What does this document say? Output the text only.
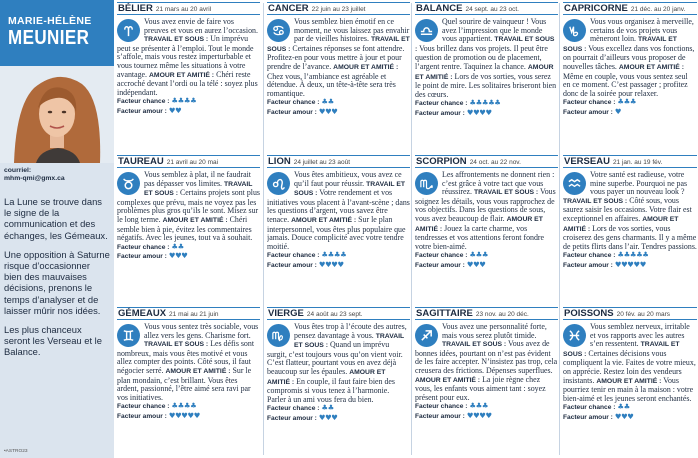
MARIE-HÉLÈNE
MEUNIER
courriel:
mhm-qmi@gmx.ca

La Lune se trouve dans le signe de la communication et des échanges, les Gémeaux.

Une opposition à Saturne risque d’occasionner bien des mauvaises décisions, prenons le temps d’analyser et de laisser mûrir nos idées.

Les plus chanceux seront les Verseau et le Balance.

•ASTRO23
BÉLIER 21 mars au 20 avril
Vous avez envie de faire vos preuves et vous en aurez l’occasion. TRAVAIL ET SOUS : Un imprévu peut se présenter à l’emploi. Tout le monde s’affole, mais vous restez imperturbable et vous tournez même les situations à votre avantage. AMOUR ET AMITIÉ : Chéri reste accroché devant l’ordi ou la télé : soyez plus indépendant.
Facteur chance : ♣♣♣♣
Facteur amour : ♥♥
CANCER 22 juin au 23 juillet
Vous semblez bien émotif en ce moment, ne vous laissez pas envahir par de vieilles histoires. TRAVAIL ET SOUS : Certaines réponses se font attendre. Profitez-en pour vous mettre à jour et pour prendre de l’avance. AMOUR ET AMITIÉ : Chez vous, l’ambiance est agréable et détendue. À deux, un tête-à-tête sera très romantique.
Facteur chance : ♣♣
Facteur amour : ♥♥♥
BALANCE 24 sept. au 23 oct.
Quel sourire de vainqueur ! Vous avez l’impression que le monde vous appartient. TRAVAIL ET SOUS : Vous brillez dans vos projets. Il peut être question de promotion ou de placement, l’argent rentre. Taquinez la chance. AMOUR ET AMITIÉ : Lors de vos sorties, vous serez le point de mire. Les solitaires briseront bien des cœurs.
Facteur chance : ♣♣♣♣♣
Facteur amour : ♥♥♥♥
CAPRICORNE 21 déc. au 20 janv.
Vous vous organisez à merveille, certains de vos projets vous mèneront loin. TRAVAIL ET SOUS : Vous excellez dans vos fonctions, on pourrait d’ailleurs vous proposer de nouvelles tâches. AMOUR ET AMITIÉ : Même en couple, vous vous sentez seul en ce moment. C’est passager ; profitez donc de la soirée pour relaxer.
Facteur chance : ♣♣♣
Facteur amour : ♥
TAUREAU 21 avril au 20 mai
Vous semblez à plat, il ne faudrait pas dépasser vos limites. TRAVAIL ET SOUS : Certains projets sont plus complexes que prévu, mais ne voyez pas les problèmes plus gros qu’ils le sont. Misez sur le long terme. AMOUR ET AMITIÉ : Chéri semble bien à pie, évitez les commentaires négatifs. Avec les jeunes, tout va à souhait.
Facteur chance : ♣♣
Facteur amour : ♥♥♥
LION 24 juillet au 23 août
Vous êtes ambitieux, vous avez ce qu’il faut pour réussir. TRAVAIL ET SOUS : Votre rendement et vos initiatives vous placent à l’avant-scène ; dans les questions d’argent, vous savez être tenace. AMOUR ET AMITIÉ : Sur le plan interpersonnel, vous êtes plus populaire que jamais. Douce complicité avec votre tendre moitié.
Facteur chance : ♣♣♣♣
Facteur amour : ♥♥♥♥
SCORPION 24 oct. au 22 nov.
Les affrontements ne donnent rien : c’est grâce à votre tact que vous réussirez. TRAVAIL ET SOUS : Vous soignez les détails, vous vous rapprochez de vos objectifs. Dans les questions de sous, vous avez beaucoup de flair. AMOUR ET AMITIÉ : Jouez la carte charme, vos tendresses et vos attentions feront fondre votre bien-aimé.
Facteur chance : ♣♣♣
Facteur amour : ♥♥♥
VERSEAU 21 jan. au 19 fév.
Votre santé est radieuse, votre mine superbe. Pourquoi ne pas vous payer un nouveau look ? TRAVAIL ET SOUS : Côté sous, vous saurez saisir les occasions. Votre flair est exceptionnel en affaires. AMOUR ET AMITIÉ : Lors de vos sorties, vous croiserez des gens charmants. Il y a même de petits flirts dans l’air. Tendres passions.
Facteur chance : ♣♣♣♣♣
Facteur amour : ♥♥♥♥♥
GÉMEAUX 21 mai au 21 juin
Vous vous sentez très sociable, vous allez vers les gens. Charisme fort. TRAVAIL ET SOUS : Les défis sont nombreux, mais vous êtes motivé et vous allez compter des points. Côté sous, il faut négocier serré. AMOUR ET AMITIÉ : Sur le plan mondain, c’est brillant. Vous êtes ardent, passionné, l’être aimé sera ravi par vos initiatives.
Facteur chance : ♣♣♣♣
Facteur amour : ♥♥♥♥♥
VIERGE 24 août au 23 sept.
Vous êtes trop à l’écoute des autres, pensez davantage à vous. TRAVAIL ET SOUS : Quand un imprévu surgit, c’est toujours vous qu’on vient voir. C’est flatteur, pourtant vous en avez déjà beaucoup sur les épaules. AMOUR ET AMITIÉ : En couple, il faut faire bien des compromis si vous tenez à l’harmonie. Parler à un ami vous fera du bien.
Facteur chance : ♣♣
Facteur amour : ♥♥♥
SAGITTAIRE 23 nov. au 20 déc.
Vous avez une personnalité forte, mais vous serez plutôt timide. TRAVAIL ET SOUS : Vous avez de bonnes idées, pourtant on n’est pas évident de les faire accepter. N’insistez pas trop, cela creusera des frictions. Dépenses superflues. AMOUR ET AMITIÉ : La joie règne chez vous, les enfants vous aiment tant : soyez présent pour eux.
Facteur chance : ♣♣♣
Facteur amour : ♥♥♥♥
POISSONS 20 fév. au 20 mars
Vous semblez nerveux, irritable et vos rapports avec les autres s’en ressentent. TRAVAIL ET SOUS : Certaines décisions vous compliquent la vie. Faites de votre mieux, on apprécie. Restez loin des vendeurs insistants. AMOUR ET AMITIÉ : Vous pourriez tenir en main à la maison : votre bien-aimé et les jeunes seront enchantés.
Facteur chance : ♣♣
Facteur amour : ♥♥♥
